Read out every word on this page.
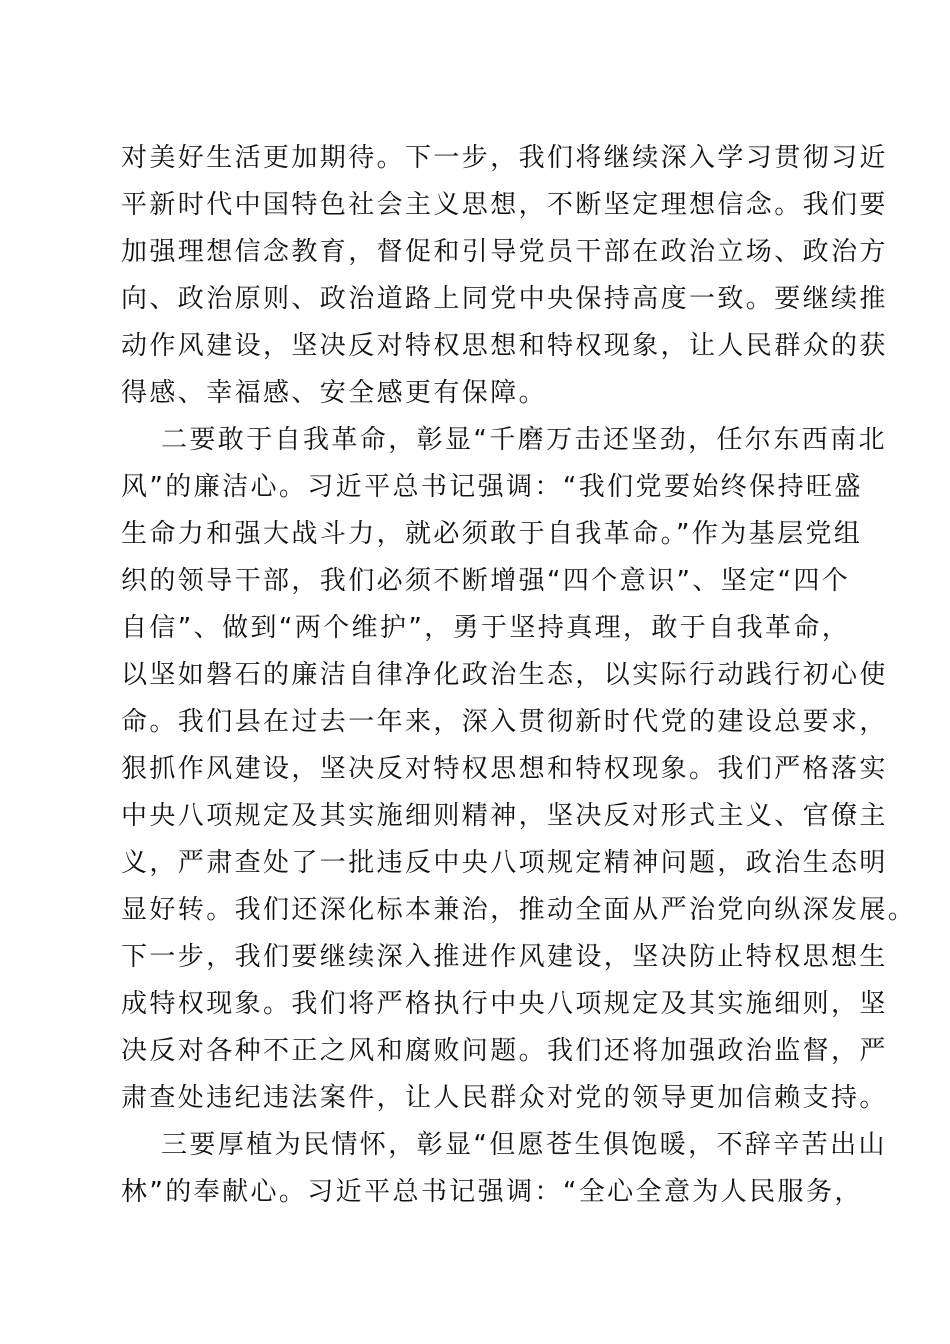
对美好生活更加期待。下一步，我们将继续深入学习贯彻习近
平新时代中国特色社会主义思想，不断坚定理想信念。我们要
加强理想信念教育，督促和引导党员干部在政治立场、政治方
向、政治原则、政治道路上同党中央保持高度一致。要继续推
动作风建设，坚决反对特权思想和特权现象，让人民群众的获
得感、幸福感、安全感更有保障。
二要敢于自我革命，彰显“千磨万击还坚劲，任尔东西南北
风”的廉洁心。习近平总书记强调：“我们党要始终保持旺盛
生命力和强大战斗力，就必须敢于自我革命。”作为基层党组
织的领导干部，我们必须不断增强“四个意识”、坚定“四个
自信”、做到“两个维护”，勇于坚持真理，敢于自我革命，
以坚如磐石的廉洁自律净化政治生态，以实际行动践行初心使
命。我们县在过去一年来，深入贯彻新时代党的建设总要求，
狠抓作风建设，坚决反对特权思想和特权现象。我们严格落实
中央八项规定及其实施细则精神，坚决反对形式主义、官僚主
义，严肃查处了一批违反中央八项规定精神问题，政治生态明
显好转。我们还深化标本兼治，推动全面从严治党向纵深发展。
下一步，我们要继续深入推进作风建设，坚决防止特权思想生
成特权现象。我们将严格执行中央八项规定及其实施细则，坚
决反对各种不正之风和腐败问题。我们还将加强政治监督，严
肃查处违纪违法案件，让人民群众对党的领导更加信赖支持。
三要厚植为民情怀，彰显“但愿苍生俱饱暖，不辞辛苦出山
林”的奉献心。习近平总书记强调：“全心全意为人民服务，
